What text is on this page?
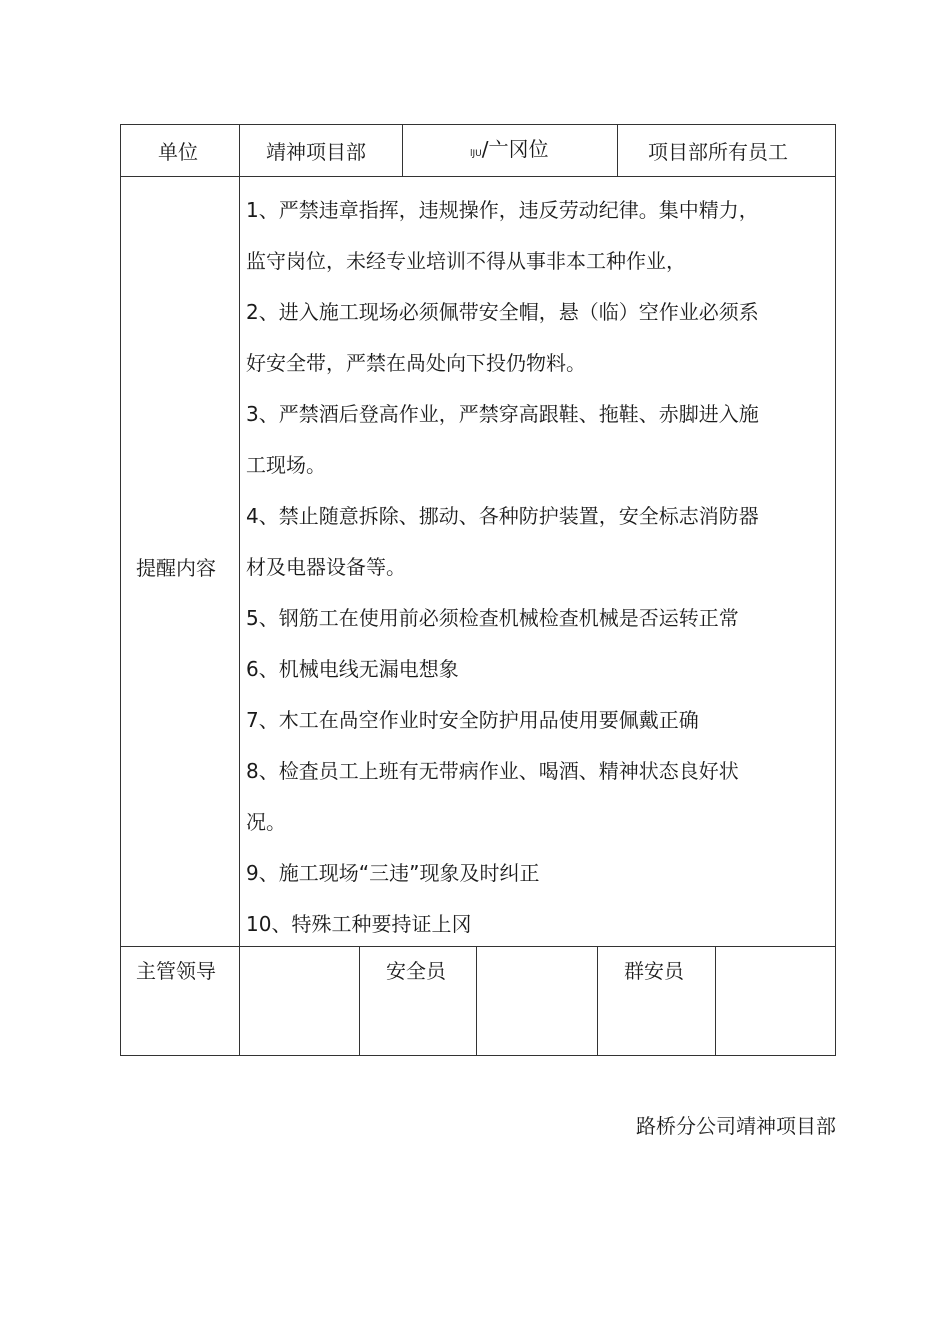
单位	靖神项目部	lJU/亠冈位	项目部所有员工
提醒内容
1、严禁违章指挥，违规操作，违反劳动纪律。集中精力，
监守岗位，未经专业培训不得从事非本工种作业，
2、进入施工现场必须佩带安全帽，悬（临）空作业必须系
好安全带，严禁在咼处向下投仍物料。
3、严禁酒后登高作业，严禁穿高跟鞋、拖鞋、赤脚进入施
工现场。
4、禁止随意拆除、挪动、各种防护装置，安全标志消防器
材及电器设备等。
5、钢筋工在使用前必须检查机械检查机械是否运转正常
6、机械电线无漏电想象
7、木工在咼空作业时安全防护用品使用要佩戴正确
8、检査员工上班有无带病作业、喝酒、精神状态良好状
况。
9、施工现场“三违”现象及时纠正
10、特殊工种要持证上冈
主管领导	安全员	群安员
路桥分公司靖神项目部
